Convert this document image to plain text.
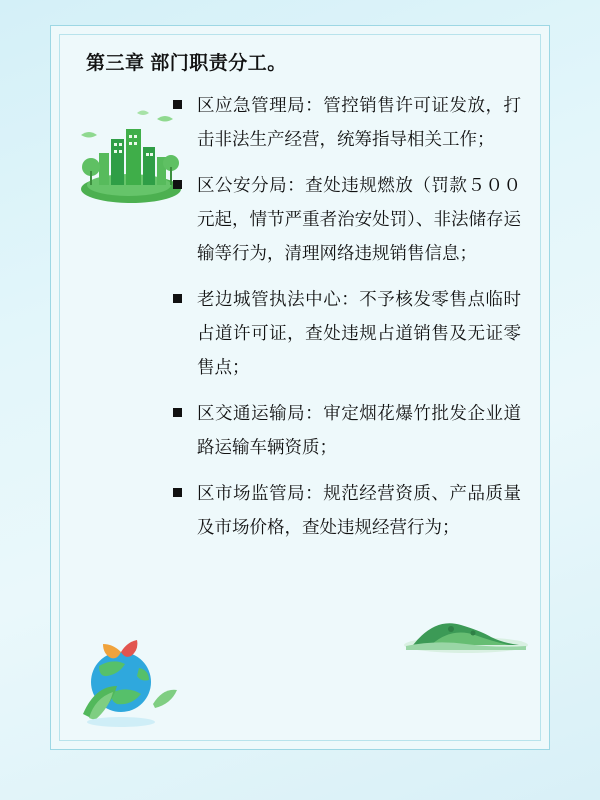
第三章 部门职责分工。
区应急管理局：管控销售许可证发放，打击非法生产经营，统筹指导相关工作；
区公安分局：查处违规燃放（罚款５００元起，情节严重者治安处罚）、非法储存运输等行为，清理网络违规销售信息；
老边城管执法中心：不予核发零售点临时占道许可证，查处违规占道销售及无证零售点；
区交通运输局：审定烟花爆竹批发企业道路运输车辆资质；
区市场监管局：规范经营资质、产品质量及市场价格，查处违规经营行为；
